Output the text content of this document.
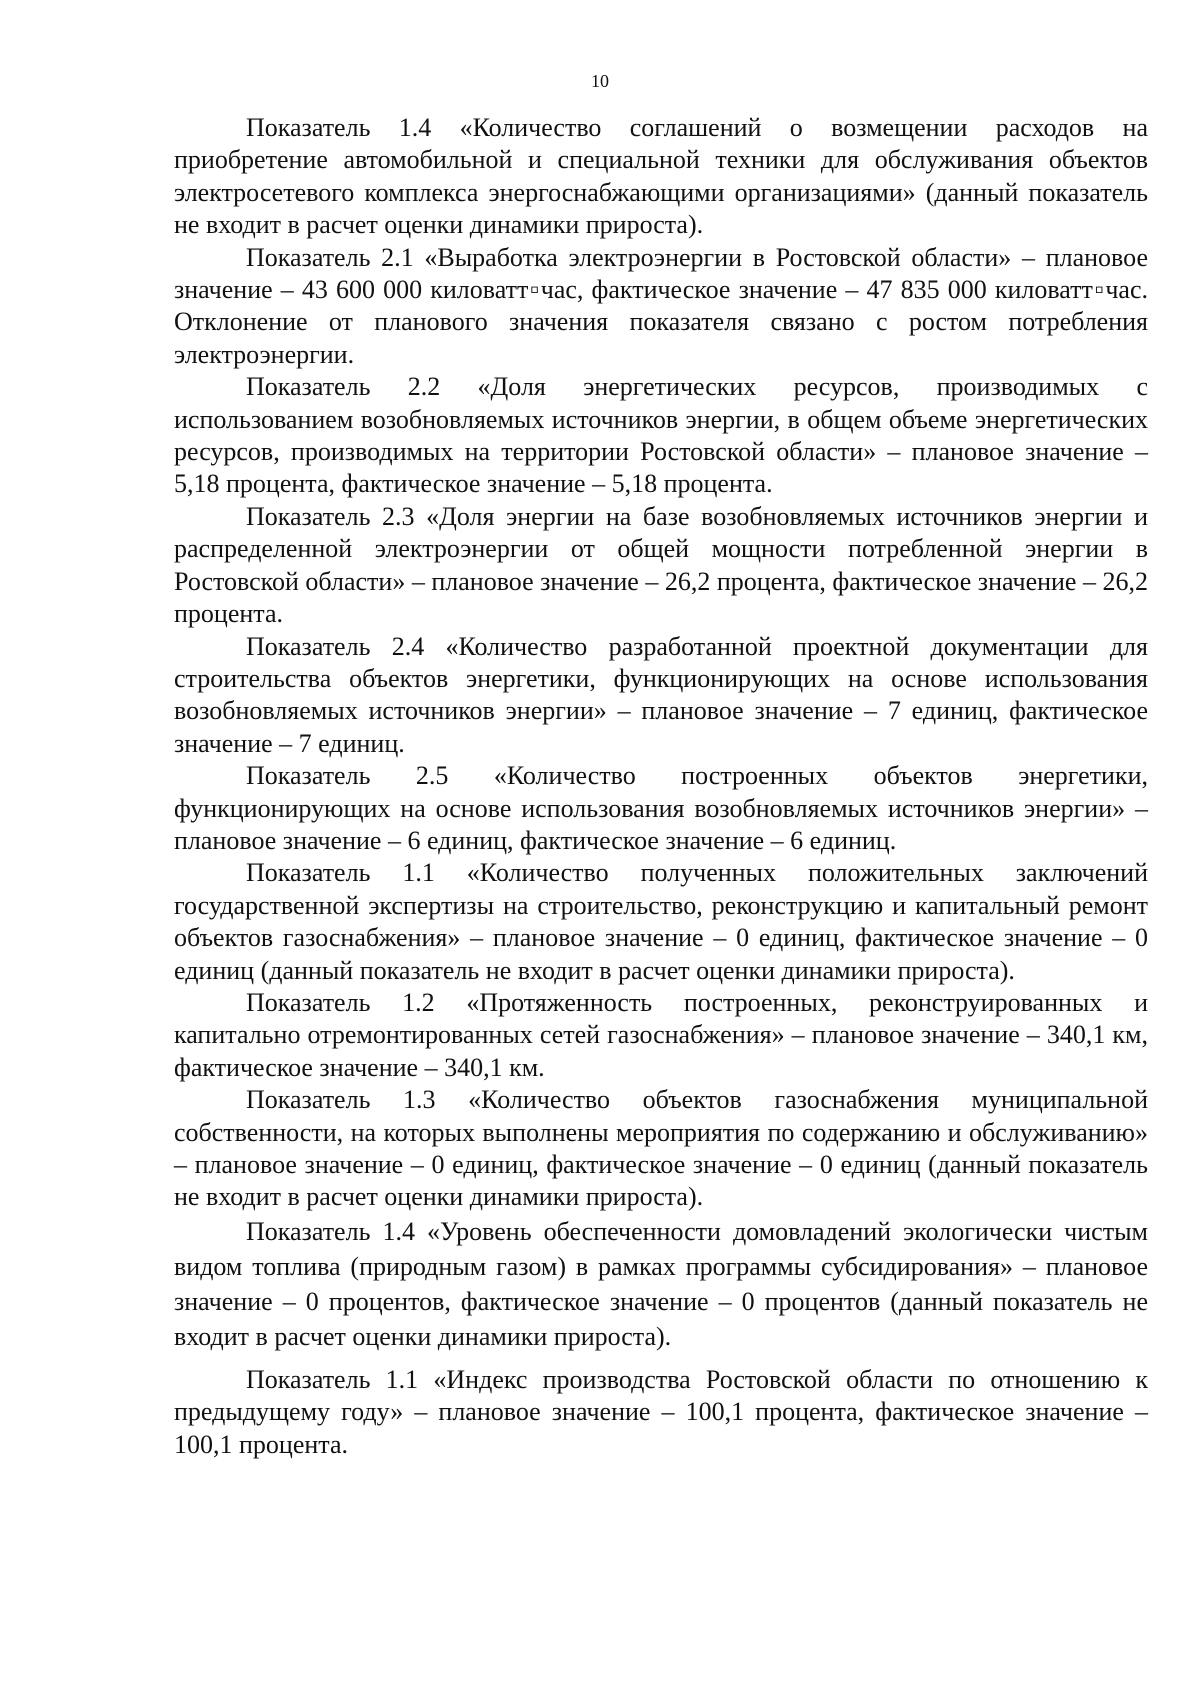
10

Показатель 1.4 «Количество соглашений о возмещении расходов на приобретение автомобильной и специальной техники для обслуживания объектов электросетевого комплекса энергоснабжающими организациями» (данный показатель не входит в расчет оценки динамики прироста).

Показатель 2.1 «Выработка электроэнергии в Ростовской области» – плановое значение – 43 600 000 киловатт▫час, фактическое значение – 47 835 000 киловатт▫час. Отклонение от планового значения показателя связано с ростом потребления электроэнергии.

Показатель 2.2 «Доля энергетических ресурсов, производимых с использованием возобновляемых источников энергии, в общем объеме энергетических ресурсов, производимых на территории Ростовской области» – плановое значение – 5,18 процента, фактическое значение – 5,18 процента.

Показатель 2.3 «Доля энергии на базе возобновляемых источников энергии и распределенной электроэнергии от общей мощности потребленной энергии в Ростовской области» – плановое значение – 26,2 процента, фактическое значение – 26,2 процента.

Показатель 2.4 «Количество разработанной проектной документации для строительства объектов энергетики, функционирующих на основе использования возобновляемых источников энергии» – плановое значение – 7 единиц, фактическое значение – 7 единиц.

Показатель 2.5 «Количество построенных объектов энергетики, функционирующих на основе использования возобновляемых источников энергии» – плановое значение – 6 единиц, фактическое значение – 6 единиц.

Показатель 1.1 «Количество полученных положительных заключений государственной экспертизы на строительство, реконструкцию и капитальный ремонт объектов газоснабжения» – плановое значение – 0 единиц, фактическое значение – 0 единиц (данный показатель не входит в расчет оценки динамики прироста).

Показатель 1.2 «Протяженность построенных, реконструированных и капитально отремонтированных сетей газоснабжения» – плановое значение – 340,1 км, фактическое значение – 340,1 км.

Показатель 1.3 «Количество объектов газоснабжения муниципальной собственности, на которых выполнены мероприятия по содержанию и обслуживанию» – плановое значение – 0 единиц, фактическое значение – 0 единиц (данный показатель не входит в расчет оценки динамики прироста).

Показатель 1.4 «Уровень обеспеченности домовладений экологически чистым видом топлива (природным газом) в рамках программы субсидирования» – плановое значение – 0 процентов, фактическое значение – 0 процентов (данный показатель не входит в расчет оценки динамики прироста).

Показатель 1.1 «Индекс производства Ростовской области по отношению к предыдущему году» – плановое значение – 100,1 процента, фактическое значение – 100,1 процента.
